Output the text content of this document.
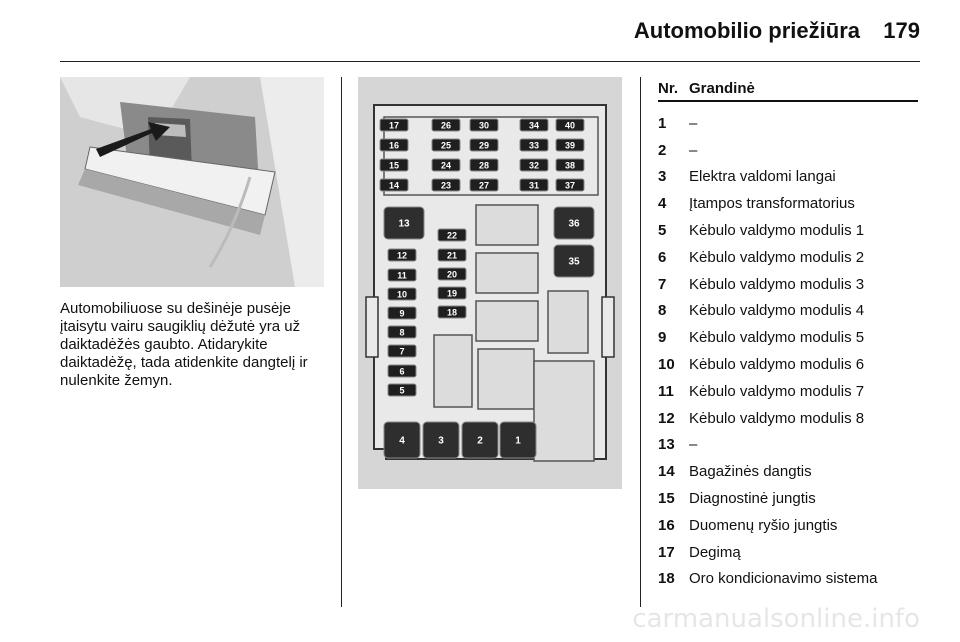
Automobilio priežiūra 179
Automobiliuose su dešinėje pusėje
įtaisytu vairu saugiklių dėžutė yra už
daiktadėžės gaubto. Atidarykite
daiktadėžę, tada atidenkite dangtelį ir
nulenkite žemyn.
17
16
15
14
26
25
24
23
30
29
28
27
34
33
32
31
40
39
38
37
12
11
10
9
8
7
6
5
22
21
20
19
18
13	36
35
4	3	2	1
Nr. Grandinė
1	–
2	–
3	Elektra valdomi langai
4	Įtampos transformatorius
5	Kėbulo valdymo modulis 1
6	Kėbulo valdymo modulis 2
7	Kėbulo valdymo modulis 3
8	Kėbulo valdymo modulis 4
9	Kėbulo valdymo modulis 5
10 Kėbulo valdymo modulis 6
11	Kėbulo valdymo modulis 7
12 Kėbulo valdymo modulis 8
13 –
14 Bagažinės dangtis
15 Diagnostinė jungtis
16 Duomenų ryšio jungtis
17 Degimą
18 Oro kondicionavimo sistema
carmanualsonline.info
